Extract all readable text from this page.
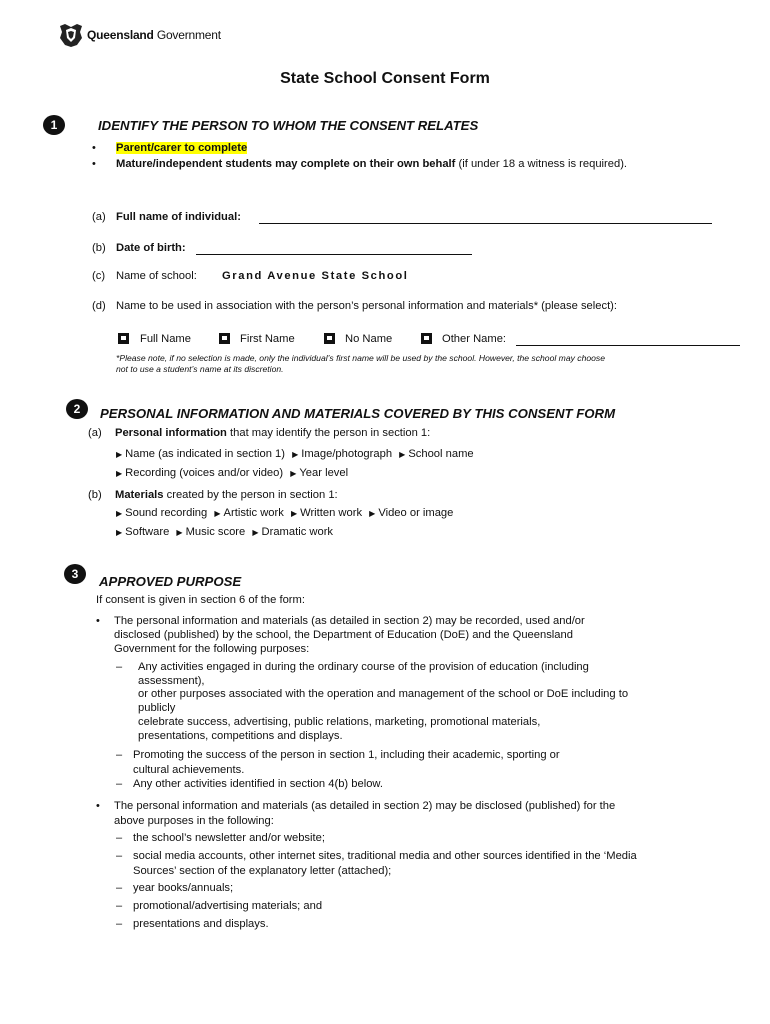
Queensland Government
State School Consent Form
1	IDENTIFY THE PERSON TO WHOM THE CONSENT RELATES
• Parent/carer to complete
• Mature/independent students may complete on their own behalf (if under 18 a witness is required).
(a) Full name of individual:
(b) Date of birth:
(c) Name of school: Grand Avenue State School
(d) Name to be used in association with the person’s personal information and materials* (please select):
Full Name	First Name	No Name	Other Name:
*Please note, if no selection is made, only the individual’s first name will be used by the school. However, the school may choose
not to use a student’s name at its discretion.
2	PERSONAL INFORMATION AND MATERIALS COVERED BY THIS CONSENT FORM
(a) Personal information that may identify the person in section 1:
▶ Name (as indicated in section 1) ▶ Image/photograph ▶ School name
▶ Recording (voices and/or video) ▶ Year level
(b) Materials created by the person in section 1:
▶ Sound recording ▶ Artistic work ▶ Written work ▶ Video or image
▶ Software ▶ Music score ▶ Dramatic work
3	APPROVED PURPOSE
If consent is given in section 6 of the form:
• The personal information and materials (as detailed in section 2) may be recorded, used and/or
disclosed (published) by the school, the Department of Education (DoE) and the Queensland
Government for the following purposes:
– Any activities engaged in during the ordinary course of the provision of education (including
assessment),
or other purposes associated with the operation and management of the school or DoE including to
publicly
celebrate success, advertising, public relations, marketing, promotional materials,
presentations, competitions and displays.
– Promoting the success of the person in section 1, including their academic, sporting or
cultural achievements.
– Any other activities identified in section 4(b) below.
• The personal information and materials (as detailed in section 2) may be disclosed (published) for the
above purposes in the following:
– the school’s newsletter and/or website;
– social media accounts, other internet sites, traditional media and other sources identified in the ‘Media
Sources’ section of the explanatory letter (attached);
– year books/annuals;
– promotional/advertising materials; and
– presentations and displays.
